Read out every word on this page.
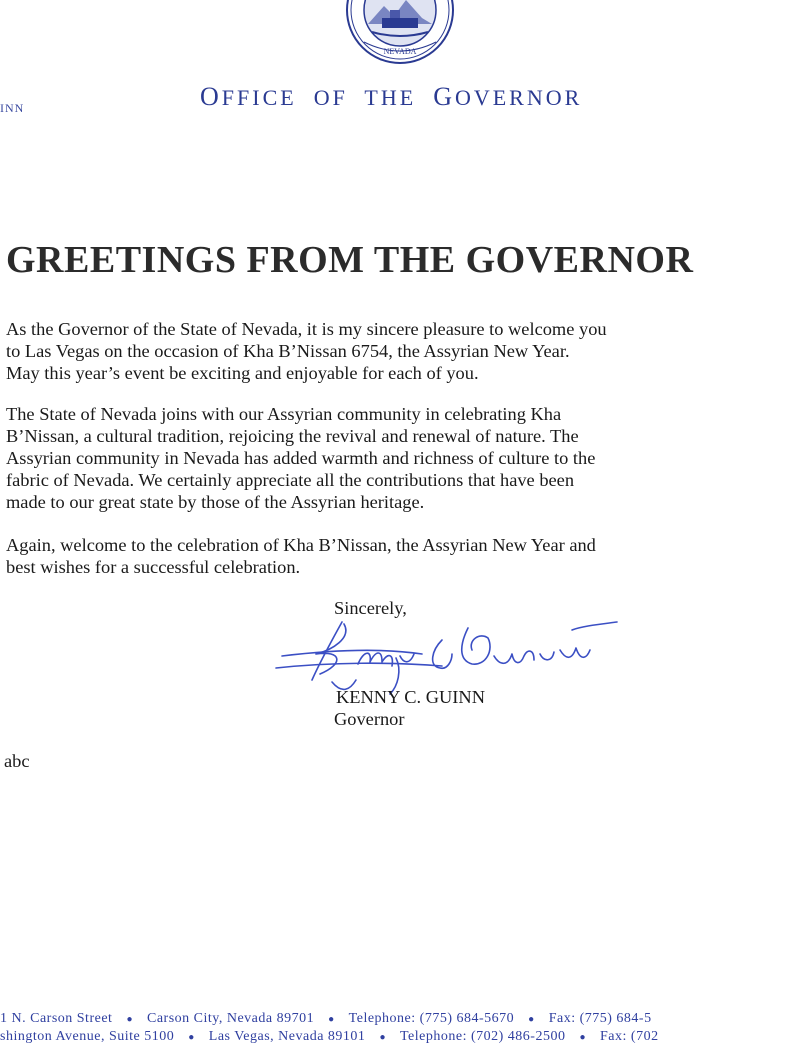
NEVADA
OFFICE  OF  THE  GOVERNOR
INN
GREETINGS FROM THE GOVERNOR
As the Governor of the State of Nevada, it is my sincere pleasure to welcome you
to Las Vegas on the occasion of Kha B’Nissan 6754, the Assyrian New Year.
May this year’s event be exciting and enjoyable for each of you.
The State of Nevada joins with our Assyrian community in celebrating Kha
B’Nissan, a cultural tradition, rejoicing the revival and renewal of nature. The
Assyrian community in Nevada has added warmth and richness of culture to the
fabric of Nevada. We certainly appreciate all the contributions that have been
made to our great state by those of the Assyrian heritage.
Again, welcome to the celebration of Kha B’Nissan, the Assyrian New Year and
best wishes for a successful celebration.
Sincerely,
KENNY C. GUINN
Governor
abc
1 N. Carson Street ● Carson City, Nevada 89701 ● Telephone: (775) 684-5670 ● Fax: (775) 684-5
shington Avenue, Suite 5100 ● Las Vegas, Nevada 89101 ● Telephone: (702) 486-2500 ● Fax: (702
